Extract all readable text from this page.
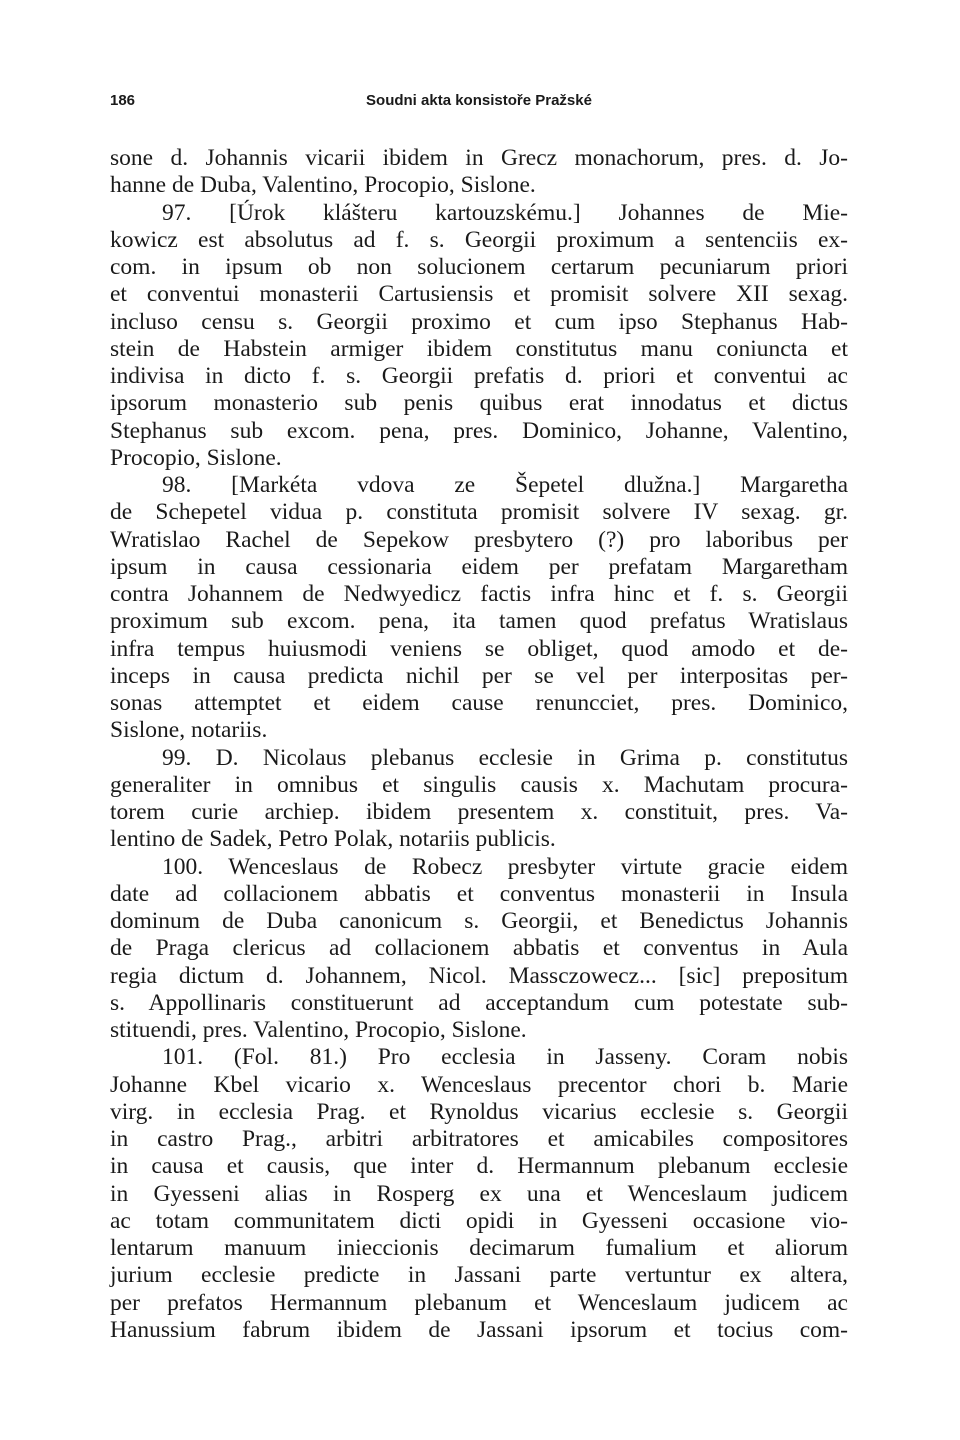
186	Soudni akta konsistoře Pražské
sone d. Johannis vicarii ibidem in Grecz monachorum, pres. d. Jo-
hanne de Duba, Valentino, Procopio, Sislone.
97. [Úrok klášteru kartouzskému.] Johannes de Mie-
kowicz est absolutus ad f. s. Georgii proximum a sentenciis ex-
com. in ipsum ob non solucionem certarum pecuniarum priori
et conventui monasterii Cartusiensis et promisit solvere XII sexag.
incluso censu s. Georgii proximo et cum ipso Stephanus Hab-
stein de Habstein armiger ibidem constitutus manu coniuncta et
indivisa in dicto f. s. Georgii prefatis d. priori et conventui ac
ipsorum monasterio sub penis quibus erat innodatus et dictus
Stephanus sub excom. pena, pres. Dominico, Johanne, Valentino,
Procopio, Sislone.
98. [Markéta vdova ze Šepetel dlužna.] Margaretha
de Schepetel vidua p. constituta promisit solvere IV sexag. gr.
Wratislao Rachel de Sepekow presbytero (?) pro laboribus per
ipsum in causa cessionaria eidem per prefatam Margaretham
contra Johannem de Nedwyedicz factis infra hinc et f. s. Georgii
proximum sub excom. pena, ita tamen quod prefatus Wratislaus
infra tempus huiusmodi veniens se obliget, quod amodo et de-
inceps in causa predicta nichil per se vel per interpositas per-
sonas attemptet et eidem cause renuncciet, pres. Dominico,
Sislone, notariis.
99. D. Nicolaus plebanus ecclesie in Grima p. constitutus
generaliter in omnibus et singulis causis x. Machutam procura-
torem curie archiep. ibidem presentem x. constituit, pres. Va-
lentino de Sadek, Petro Polak, notariis publicis.
100. Wenceslaus de Robecz presbyter virtute gracie eidem
date ad collacionem abbatis et conventus monasterii in Insula
dominum de Duba canonicum s. Georgii, et Benedictus Johannis
de Praga clericus ad collacionem abbatis et conventus in Aula
regia dictum d. Johannem, Nicol. Massczowecz... [sic] prepositum
s. Appollinaris constituerunt ad acceptandum cum potestate sub-
stituendi, pres. Valentino, Procopio, Sislone.
101. (Fol. 81.) Pro ecclesia in Jasseny. Coram nobis
Johanne Kbel vicario x. Wenceslaus precentor chori b. Marie
virg. in ecclesia Prag. et Rynoldus vicarius ecclesie s. Georgii
in castro Prag., arbitri arbitratores et amicabiles compositores
in causa et causis, que inter d. Hermannum plebanum ecclesie
in Gyesseni alias in Rosperg ex una et Wenceslaum judicem
ac totam communitatem dicti opidi in Gyesseni occasione vio-
lentarum manuum inieccionis decimarum fumalium et aliorum
jurium ecclesie predicte in Jassani parte vertuntur ex altera,
per prefatos Hermannum plebanum et Wenceslaum judicem ac
Hanussium fabrum ibidem de Jassani ipsorum et tocius com-
